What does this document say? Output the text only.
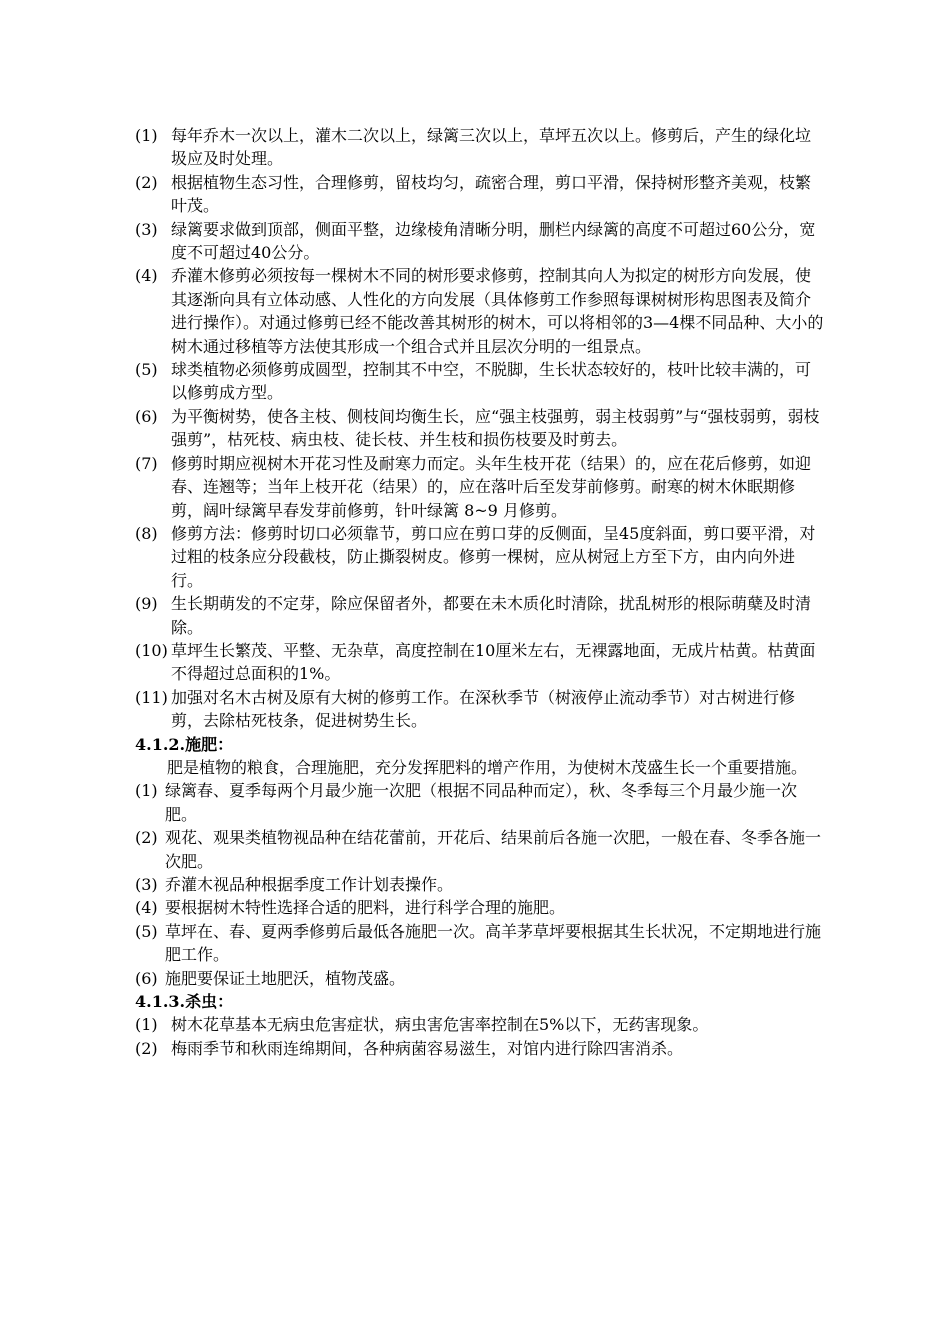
(1) 每年乔木一次以上，灌木二次以上，绿篱三次以上，草坪五次以上。修剪后，产生的绿化垃圾应及时处理。
(2) 根据植物生态习性，合理修剪，留枝均匀，疏密合理，剪口平滑，保持树形整齐美观，枝繁叶茂。
(3) 绿篱要求做到顶部，侧面平整，边缘棱角清晰分明，删栏内绿篱的高度不可超过60公分，宽度不可超过40公分。
(4) 乔灌木修剪必须按每一棵树木不同的树形要求修剪，控制其向人为拟定的树形方向发展，使其逐渐向具有立体动感、人性化的方向发展（具体修剪工作参照每课树树形构思图表及简介进行操作）。对通过修剪已经不能改善其树形的树木，可以将相邻的3—4棵不同品种、大小的树木通过移植等方法使其形成一个组合式并且层次分明的一组景点。
(5) 球类植物必须修剪成圆型，控制其不中空，不脱脚，生长状态较好的，枝叶比较丰满的，可以修剪成方型。
(6) 为平衡树势，使各主枝、侧枝间均衡生长，应“强主枝强剪，弱主枝弱剪”与“强枝弱剪，弱枝强剪”，枯死枝、病虫枝、徒长枝、并生枝和损伤枝要及时剪去。
(7) 修剪时期应视树木开花习性及耐寒力而定。头年生枝开花（结果）的，应在花后修剪，如迎春、连翘等；当年上枝开花（结果）的，应在落叶后至发芽前修剪。耐寒的树木休眠期修剪，阔叶绿篱早春发芽前修剪，针叶绿篱 8~9 月修剪。
(8) 修剪方法：修剪时切口必须靠节，剪口应在剪口芽的反侧面，呈45度斜面，剪口要平滑，对过粗的枝条应分段截枝，防止撕裂树皮。修剪一棵树，应从树冠上方至下方，由内向外进行。
(9) 生长期萌发的不定芽，除应保留者外，都要在未木质化时清除，扰乱树形的根际萌蘖及时清除。
(10) 草坪生长繁茂、平整、无杂草，高度控制在10厘米左右，无裸露地面，无成片枯黄。枯黄面不得超过总面积的1%。
(11) 加强对名木古树及原有大树的修剪工作。在深秋季节（树液停止流动季节）对古树进行修剪，去除枯死枝条，促进树势生长。
4.1.2.施肥：
肥是植物的粮食，合理施肥，充分发挥肥料的增产作用，为使树木茂盛生长一个重要措施。
(1) 绿篱春、夏季每两个月最少施一次肥（根据不同品种而定），秋、冬季每三个月最少施一次肥。
(2) 观花、观果类植物视品种在结花蕾前，开花后、结果前后各施一次肥，一般在春、冬季各施一次肥。
(3) 乔灌木视品种根据季度工作计划表操作。
(4) 要根据树木特性选择合适的肥料，进行科学合理的施肥。
(5) 草坪在、春、夏两季修剪后最低各施肥一次。高羊茅草坪要根据其生长状况，不定期地进行施肥工作。
(6) 施肥要保证土地肥沃，植物茂盛。
4.1.3.杀虫：
(1) 树木花草基本无病虫危害症状，病虫害危害率控制在5%以下，无药害现象。
(2) 梅雨季节和秋雨连绵期间，各种病菌容易滋生，对馆内进行除四害消杀。
